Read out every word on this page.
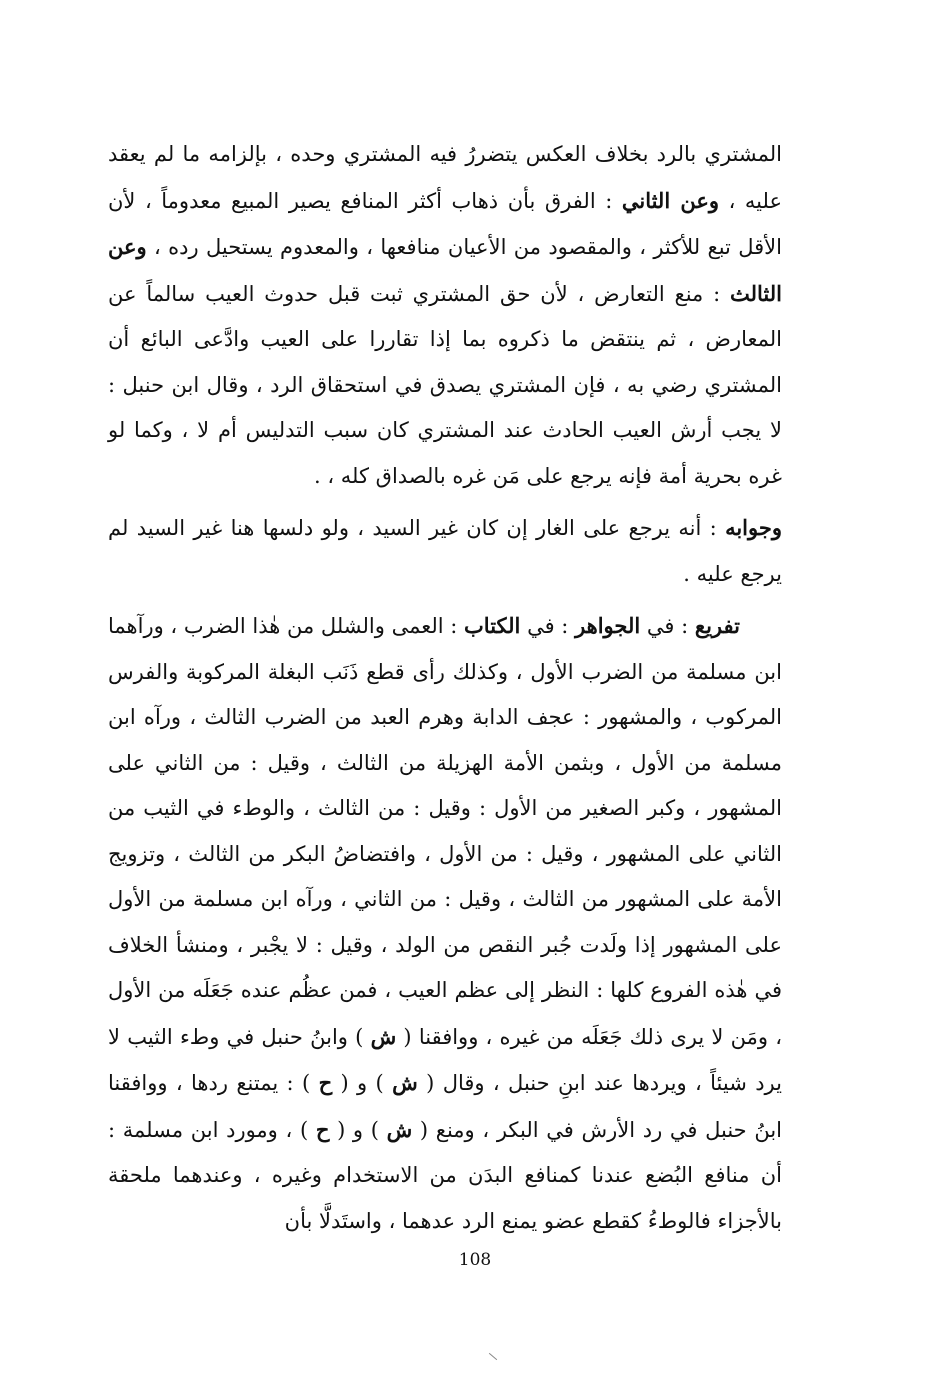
المشتري بالرد بخلاف العكس يتضررُ فيه المشتري وحده ، بإلزامه ما لم يعقد عليه ، وعن الثاني : الفرق بأن ذهاب أكثر المنافع يصير المبيع معدوماً ، لأن الأقل تبع للأكثر ، والمقصود من الأعيان منافعها ، والمعدوم يستحيل رده ، وعن الثالث : منع التعارض ، لأن حق المشتري ثبت قبل حدوث العيب سالماً عن المعارض ، ثم ينتقض ما ذكروه بما إذا تقاررا على العيب وادَّعى البائع أن المشتري رضي به ، فإن المشتري يصدق في استحقاق الرد ، وقال ابن حنبل : لا يجب أرش العيب الحادث عند المشتري كان سبب التدليس أم لا ، وكما لو غره بحرية أمة فإنه يرجع على مَن غره بالصداق كله ، .

وجوابه : أنه يرجع على الغار إن كان غير السيد ، ولو دلسها هنا غير السيد لم يرجع عليه .

تفريع : في الجواهر : في الكتاب : العمى والشلل من هٰذا الضرب ، ورآهما ابن مسلمة من الضرب الأول ، وكذلك رأى قطع ذَنَب البغلة المركوبة والفرس المركوب ، والمشهور : عجف الدابة وهرم العبد من الضرب الثالث ، ورآه ابن مسلمة من الأول ، وبثمن الأمة الهزيلة من الثالث ، وقيل : من الثاني على المشهور ، وكبر الصغير من الأول : وقيل : من الثالث ، والوطء في الثيب من الثاني على المشهور ، وقيل : من الأول ، وافتضاضُ البكر من الثالث ، وتزويج الأمة على المشهور من الثالث ، وقيل : من الثاني ، ورآه ابن مسلمة من الأول على المشهور إذا ولَدت جُبر النقص من الولد ، وقيل : لا يجْبر ، ومنشأ الخلاف في هٰذه الفروع كلها : النظر إلى عظم العيب ، فمن عظُم عنده جَعَلَه من الأول ، ومَن لا يرى ذلك جَعَلَه من غيره ، ووافقنا ( ش ) وابنُ حنبل في وطء الثيب لا يرد شيئاً ، ويردها عند ابنِ حنبل ، وقال ( ش ) و ( ح ) : يمتنع ردها ، ووافقنا ابنُ حنبل في رد الأرش في البكر ، ومنع ( ش ) و ( ح ) ، ومورد ابن مسلمة : أن منافع البُضع عندنا كمنافع البدَن من الاستخدام وغيره ، وعندهما ملحقة بالأجزاء فالوطءُ كقطع عضو يمنع الرد عدهما ، واستَدلَّا بأن

108
